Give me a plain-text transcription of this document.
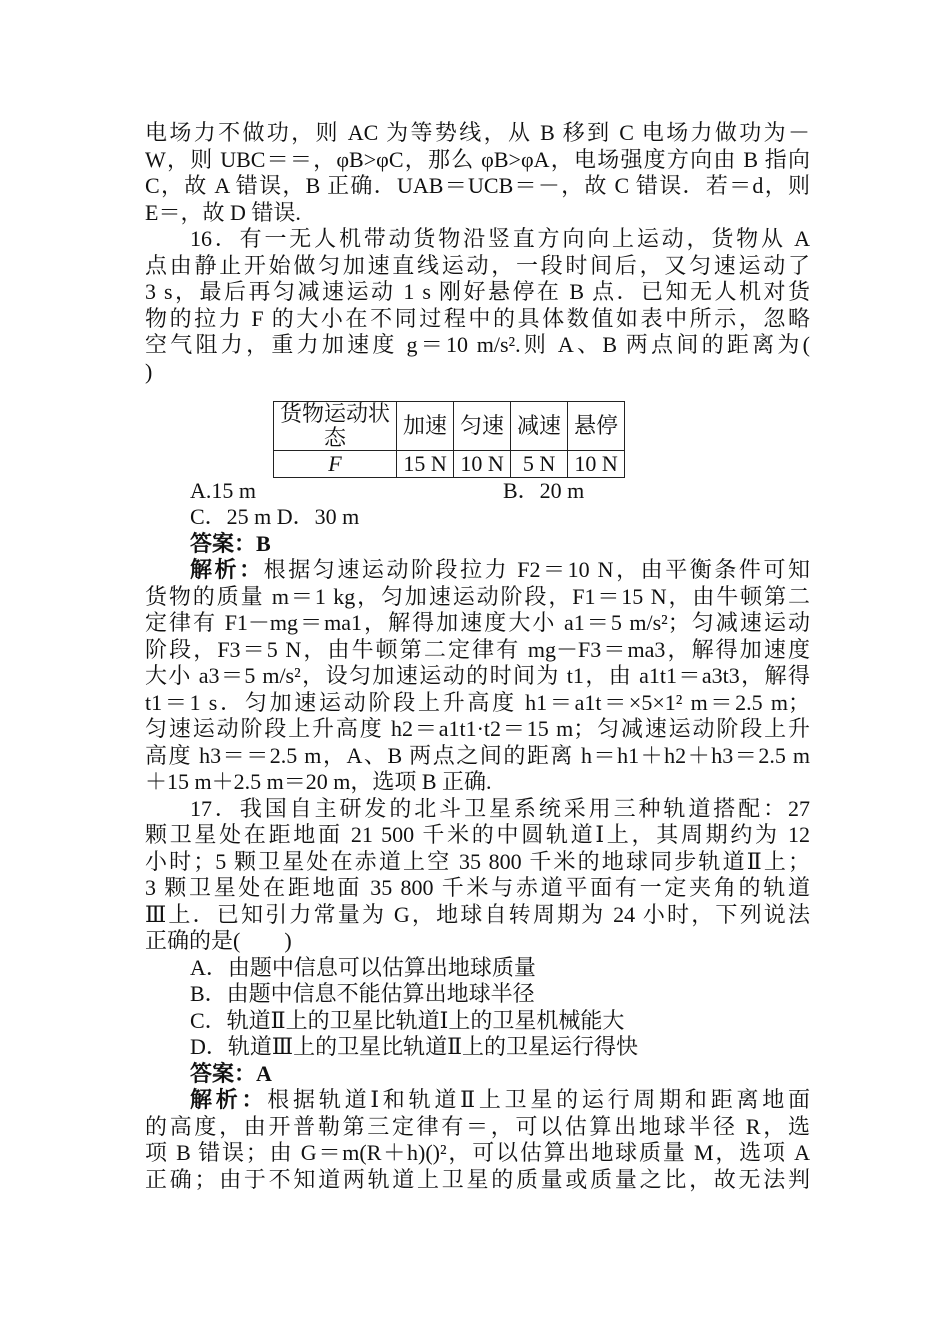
电场力不做功，则 AC 为等势线，从 B 移到 C 电场力做功为－

W，则 UBC＝＝，φB>φC，那么 φB>φA，电场强度方向由 B 指向

C，故 A 错误，B 正确．UAB＝UCB＝－，故 C 错误．若＝d，则

E＝，故 D 错误.

16．有一无人机带动货物沿竖直方向向上运动，货物从 A

点由静止开始做匀加速直线运动，一段时间后，又匀速运动了

3 s，最后再匀减速运动 1 s 刚好悬停在 B 点．已知无人机对货

物的拉力 F 的大小在不同过程中的具体数值如表中所示，忽略

空气阻力，重力加速度 g＝10 m/s².则 A、B 两点间的距离为(

)

货物运动状态	加速	匀速	减速	悬停
F	15 N	10 N	5 N	10 N
A.15 m	B．20 m

C．25 m D．30 m

答案：B

解析：根据匀速运动阶段拉力 F2＝10 N，由平衡条件可知

货物的质量 m＝1 kg，匀加速运动阶段，F1＝15 N，由牛顿第二

定律有 F1－mg＝ma1，解得加速度大小 a1＝5 m/s²；匀减速运动

阶段，F3＝5 N，由牛顿第二定律有 mg－F3＝ma3，解得加速度

大小 a3＝5 m/s²，设匀加速运动的时间为 t1，由 a1t1＝a3t3，解得

t1＝1 s．匀加速运动阶段上升高度 h1＝a1t＝×5×1² m＝2.5 m；

匀速运动阶段上升高度 h2＝a1t1·t2＝15 m；匀减速运动阶段上升

高度 h3＝＝2.5 m，A、B 两点之间的距离 h＝h1＋h2＋h3＝2.5 m

＋15 m＋2.5 m＝20 m，选项 B 正确.

17．我国自主研发的北斗卫星系统采用三种轨道搭配：27

颗卫星处在距地面 21 500 千米的中圆轨道Ⅰ上，其周期约为 12

小时；5 颗卫星处在赤道上空 35 800 千米的地球同步轨道Ⅱ上；

3 颗卫星处在距地面 35 800 千米与赤道平面有一定夹角的轨道

Ⅲ上．已知引力常量为 G，地球自转周期为 24 小时，下列说法

正确的是(　　)

A．由题中信息可以估算出地球质量

B．由题中信息不能估算出地球半径

C．轨道Ⅱ上的卫星比轨道Ⅰ上的卫星机械能大

D．轨道Ⅲ上的卫星比轨道Ⅱ上的卫星运行得快

答案：A

解析：根据轨道Ⅰ和轨道Ⅱ上卫星的运行周期和距离地面

的高度，由开普勒第三定律有＝，可以估算出地球半径 R，选

项 B 错误；由 G＝m(R＋h)()²，可以估算出地球质量 M，选项 A

正确；由于不知道两轨道上卫星的质量或质量之比，故无法判
